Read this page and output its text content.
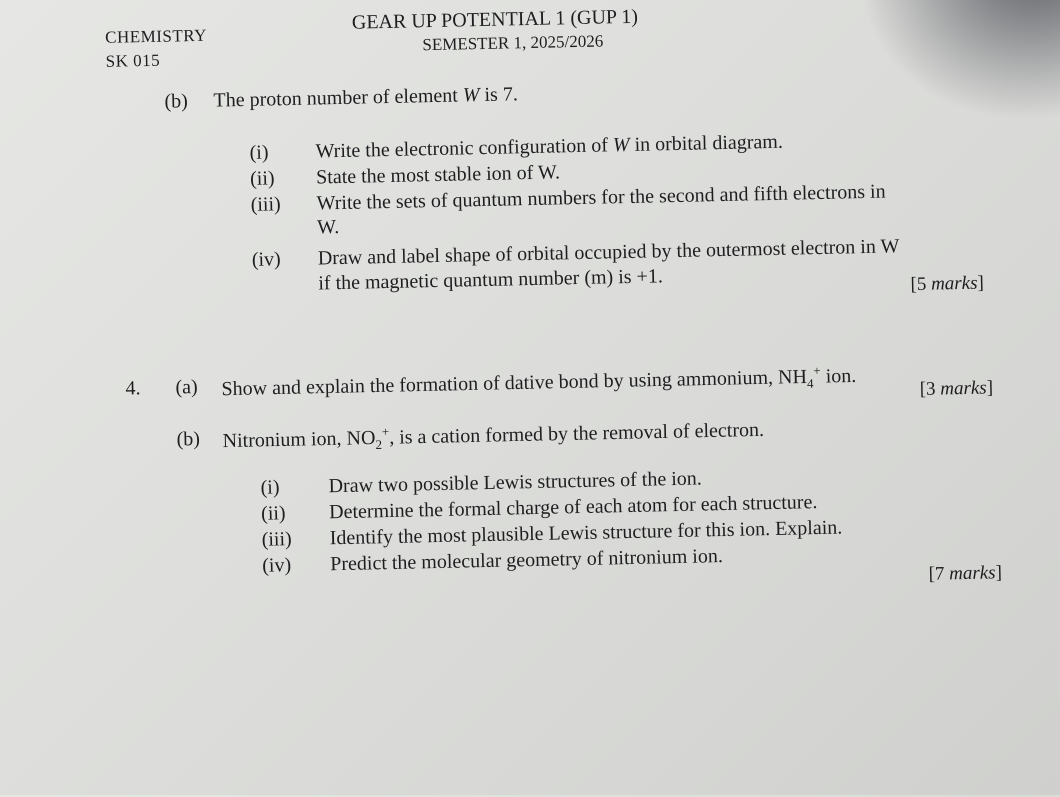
CHEMISTRY
SK 015
GEAR UP POTENTIAL 1 (GUP 1)
SEMESTER 1, 2025/2026
(b) The proton number of element W is 7.
(i) Write the electronic configuration of W in orbital diagram.
(ii) State the most stable ion of W.
(iii) Write the sets of quantum numbers for the second and fifth electrons in
W.
(iv) Draw and label shape of orbital occupied by the outermost electron in W
if the magnetic quantum number (m) is +1.	[5 marks]
4. (a) Show and explain the formation of dative bond by using ammonium, $NH_4^+$ ion.
[3 marks]
(b) Nitronium ion, $NO_2^+$, is a cation formed by the removal of electron.
(i) Draw two possible Lewis structures of the ion.
(ii) Determine the formal charge of each atom for each structure.
(iii) Identify the most plausible Lewis structure for this ion. Explain.
(iv) Predict the molecular geometry of nitronium ion.	[7 marks]
